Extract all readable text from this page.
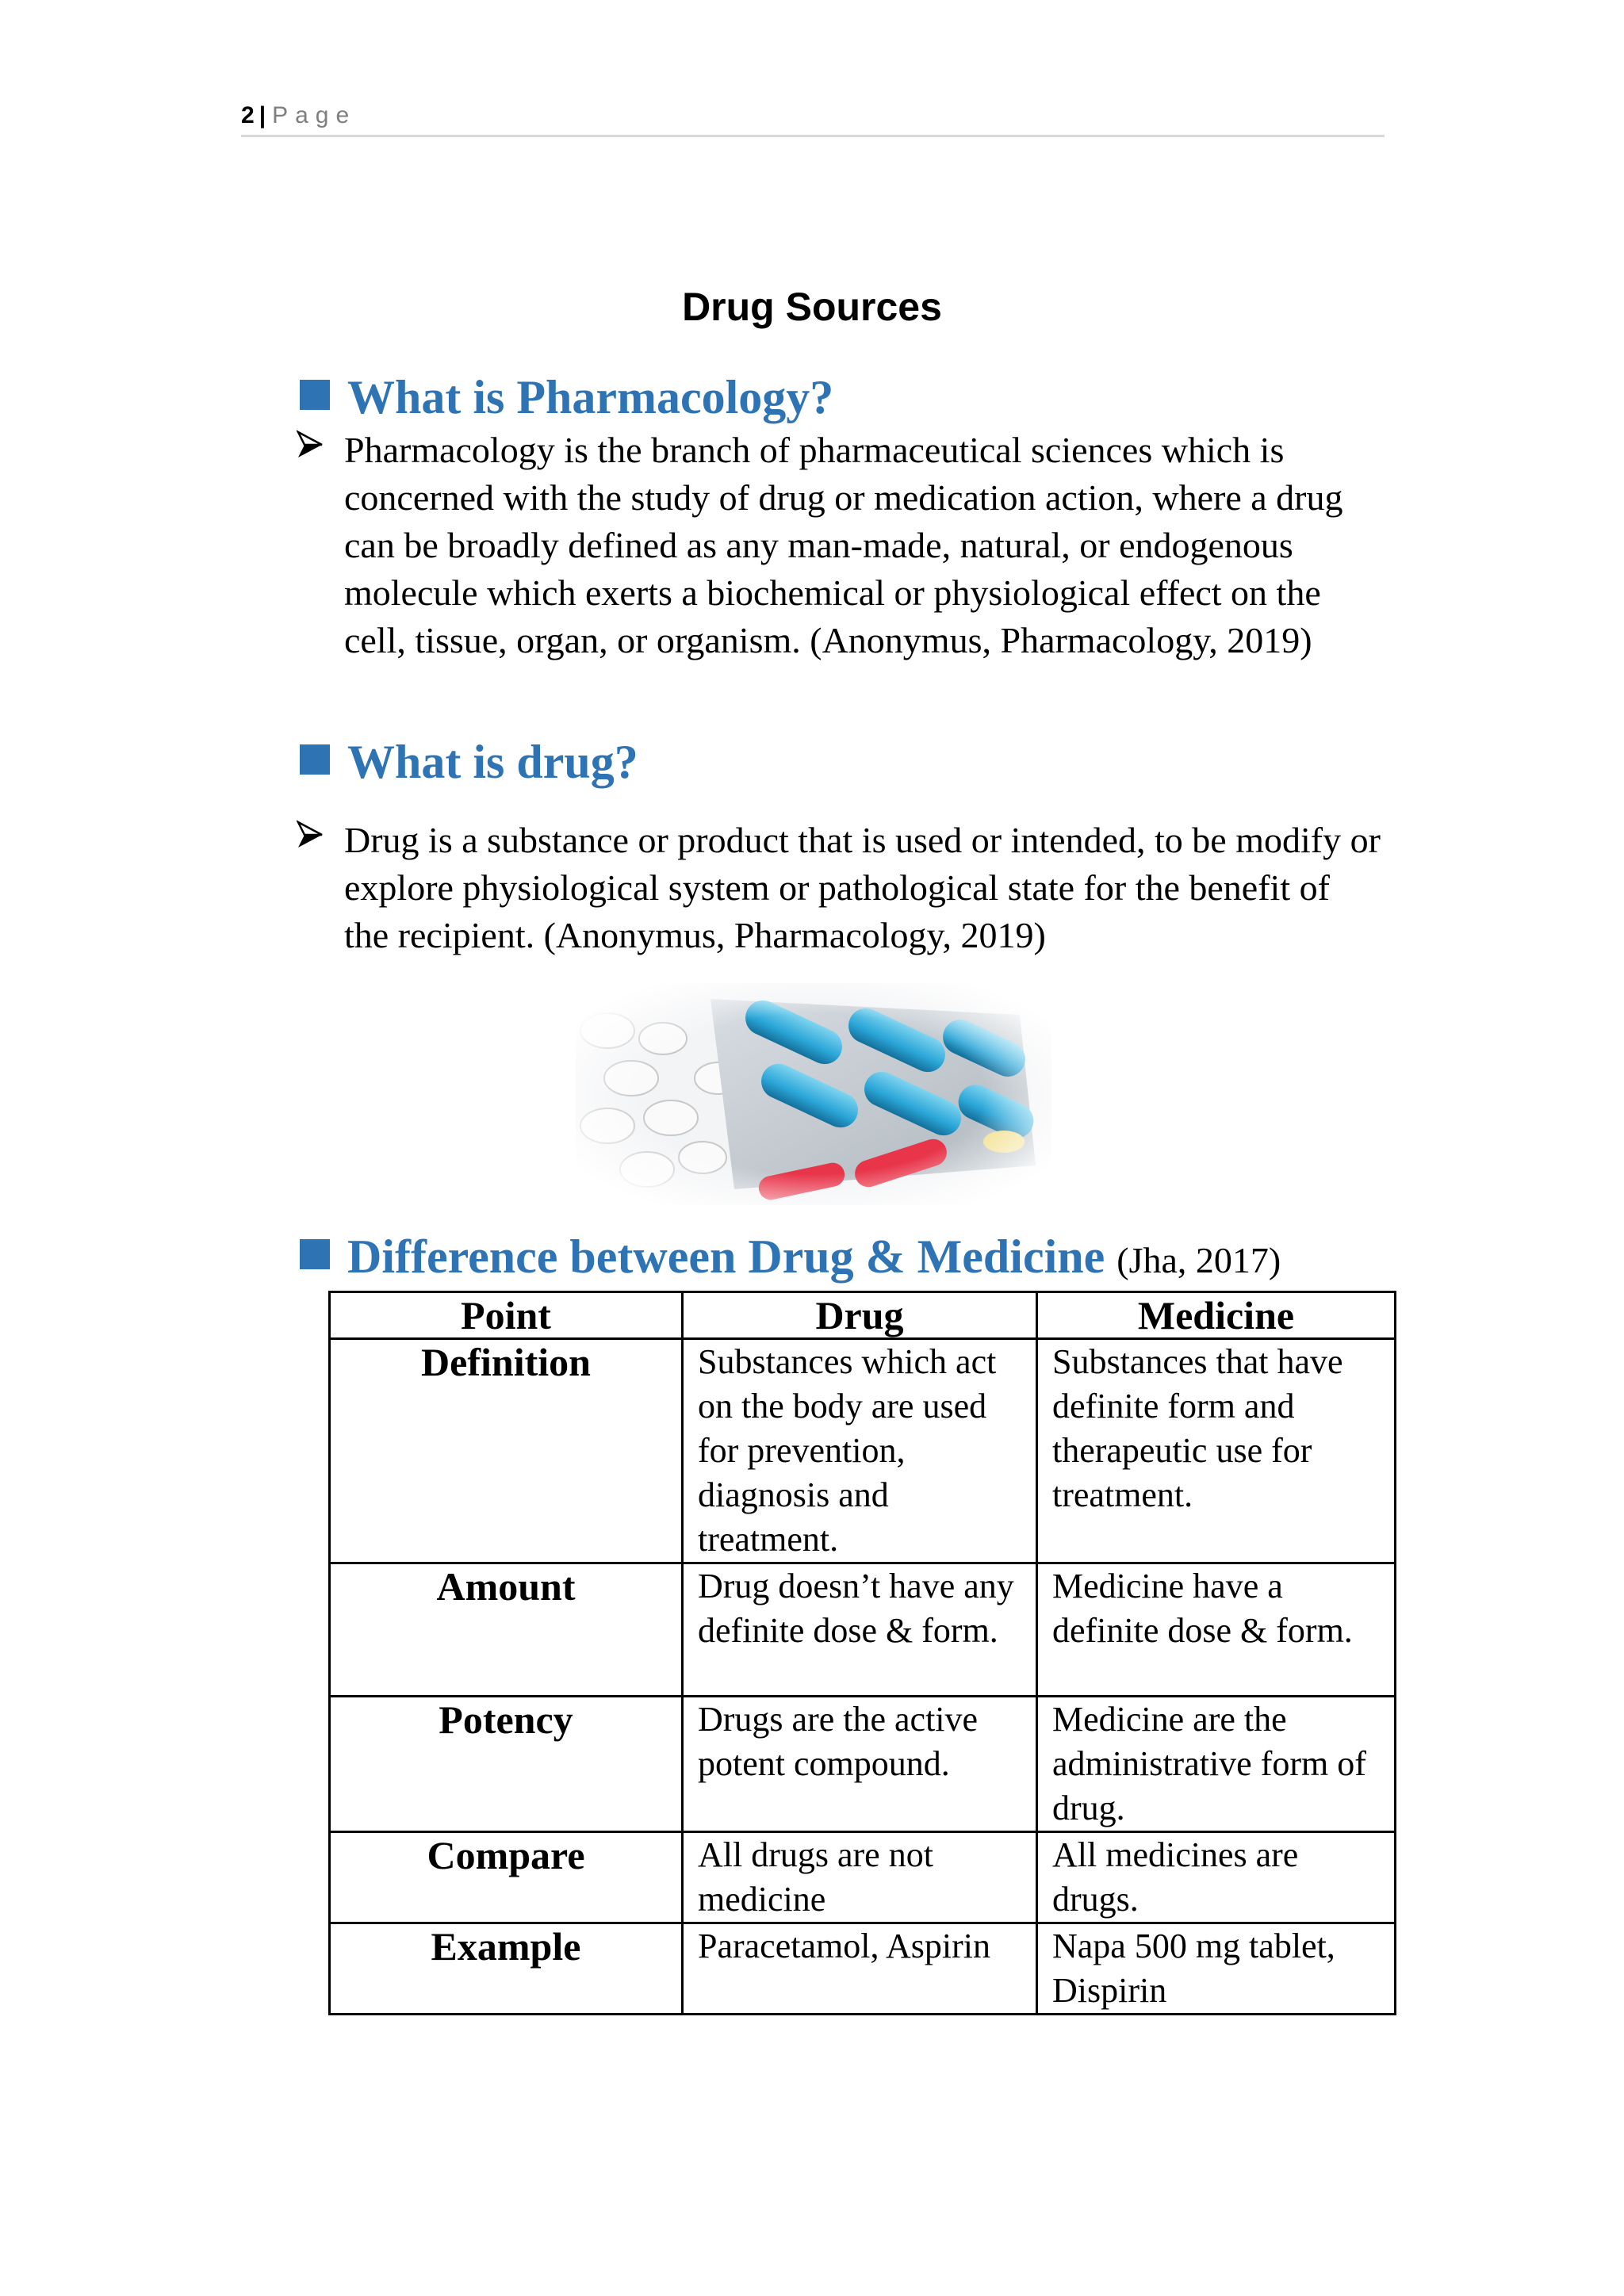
2 | Page
Drug Sources
What is Pharmacology?
Pharmacology is the branch of pharmaceutical sciences which is concerned with the study of drug or medication action, where a drug can be broadly defined as any man-made, natural, or endogenous molecule which exerts a biochemical or physiological effect on the cell, tissue, organ, or organism. (Anonymus, Pharmacology, 2019)
What is drug?
Drug is a substance or product that is used or intended, to be modify or explore physiological system or pathological state for the benefit of the recipient. (Anonymus, Pharmacology, 2019)
Difference between Drug & Medicine (Jha, 2017)
Point	Drug	Medicine
Definition	Substances which act on the body are used for prevention, diagnosis and treatment.	Substances that have definite form and therapeutic use for treatment.
Amount	Drug doesn’t have any definite dose & form.	Medicine have a definite dose & form.
Potency	Drugs are the active potent compound.	Medicine are the administrative form of drug.
Compare	All drugs are not medicine	All medicines are drugs.
Example	Paracetamol, Aspirin	Napa 500 mg tablet, Dispirin
